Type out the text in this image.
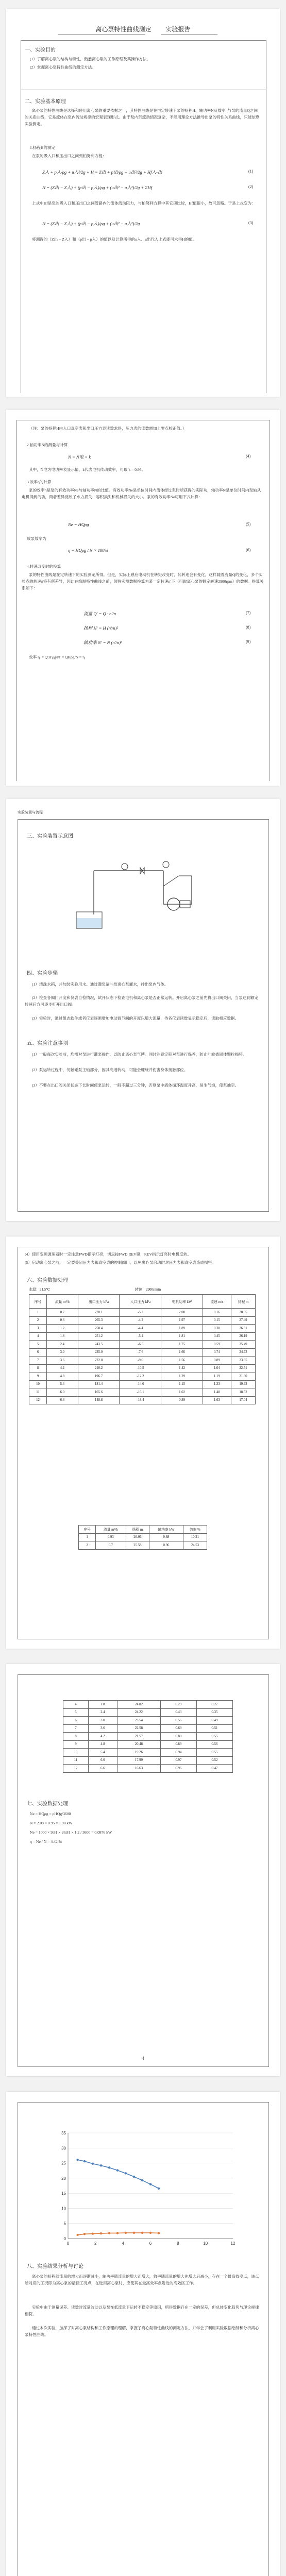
离心泵特性曲线测定 实验报告
一、实验目的
(1）了解离心泵的结构与特性，熟悉离心泵的工作原理及其操作方法。
(2）掌握离心泵特性曲线的测定方法。
二、实验基本原理
离心泵的特性曲线是选择和使用离心泵的重要依据之一，其特性曲线是在恒定转速下泵的扬程H、轴功率N及效率η与泵的流量Q之间的关系曲线，它是流体在泵内流动规律的宏观表现形式。由于泵内部流动情况复杂，不能用理论方法推导出泵的特性关系曲线，只能依靠实验测定。
1.扬程H的测定
在泵的吸入口和压出口之间列柏努利方程：
Z入 + p入/ρg + u入²/2g + H = Z出 + p出/ρg + u出²/2g + Hf入-出	(1)
H = (Z出 − Z入) + (p出 − p入)/ρg + (u出² − u入²)/2g + ΣHf	(2)
上式中Hf是泵的吸入口和压出口之间管路内的流体流动阻力，与柏努利方程中其它项比较，Hf值很小，故可忽略。于是上式变为：
H = (Z出 − Z入) + (p出 − p入)/ρg + (u出² − u入²)/2g	(3)
将测得的（Z出 − Z入）和（p出 − p入）的值以及计算所得的u入、u出代入上式即可求得H的值。
（注：泵的扬程H由入口真空表和出口压力表读数求得，压力表的读数需加上零点校正值。）
2.轴功率N的测量与计算
N = N电 × k	(4)
其中，N电为电功率表显示值，k代表电机传动效率，可取 k = 0.95。
3.效率η的计算
泵的效率η是泵的有效功率Ne与轴功率N的比值。有效功率Ne是单位时间内流体经过泵时所获得的实际功，轴功率N是单位时间内泵轴从电机得到的功，两者差异反映了水力损失、容积损失和机械损失的大小。泵的有效功率Ne可用下式计算：
Ne = HQρg	(5)
故泵效率为
η = HQρg / N × 100%	(6)
4.转速改变时的换算
泵的特性曲线是在定转速下的实验测定所得。但是，实际上感应电动机在转矩改变时，其转速会有变化，这样随着流量Q的变化，多个实验点的转速n将有所差异，因此在绘制特性曲线之前，须将实测数据换算为某一定转速n′下（可取离心泵的额定转速2900rpm）的数据。换算关系如下：
流量 Q′ = Q · n′/n	(7)
扬程 H′ = H (n′/n)²	(8)
轴功率 N′ = N (n′/n)³	(9)
效率 η′ = Q′H′ρg/N′ = QHρg/N = η
实验装置与流程
三、实验装置示意图
四、实验步骤
(1）清洗水箱，并加装实验用水。通过灌泵漏斗给离心泵灌水，排出泵内气体。
(2）检查各阀门开度和仪表自检情况，试开状态下检查电机和离心泵是否正常运转。开启离心泵之前先将出口阀关闭，当泵达到额定转速后方可逐步打开出口阀。
(3）实验时，通过组态软件或者仪表逐渐增加电动调节阀的开度以增大流量，待各仪表读数显示稳定后，读取相应数据。
五、实验注意事项
(1）一般每次实验前，均需对泵进行灌泵操作，以防止离心泵气缚。同时注意定期对泵进行保养，防止叶轮被固体颗粒损坏。
(2）泵运转过程中，勿触碰泵主轴部分，因其高速转动，可能会缠绕并伤害身体接触部位。
(3）不要在出口阀关闭状态下长时间使泵运转，一般不超过三分钟，否则泵中液体循环温度升高，易生气泡，使泵抽空。
(4）使用变频调速器时一定注意FWD指示灯亮，切忌按FWD REV键，REV指示灯亮时电机反转。
(5）启动离心泵之前，一定要关闭压力表和真空表的控制阀门，以免离心泵启动时对压力表和真空表造成损害。
六、实验数据处理
水温：21.5℃	转速：2900r/min
序号	流量 m³/h	出口压力 kPa	入口压力 kPa	电机功率 kW	流速 m/s	扬程 m
1	0.7	270.1	-5.2	2.08	0.16	28.05
2	0.6	265.3	-4.2	1.97	0.15	27.49
3	1.2	258.4	-4.4	1.89	0.30	26.81
4	1.8	251.2	-5.4	1.81	0.45	26.19
5	2.4	243.5	-6.5	1.75	0.59	25.49
6	3.0	235.0	-7.6	1.66	0.74	24.73
7	3.6	222.8	-9.0	1.56	0.89	23.65
8	4.2	210.2	-10.5	1.42	1.04	22.51
9	4.8	196.7	-12.2	1.29	1.19	21.30
10	5.4	181.4	-14.0	1.15	1.33	19.93
11	6.0	165.6	-16.1	1.02	1.48	18.52
12	6.6	148.8	-18.4	0.89	1.63	17.04
序号	流量 m³/h	扬程 m	轴功率 kW	效率 %
1	0.93	26.06	0.88	10.21
2	0.7	25.58	0.96	24.53
4	1.8	24.82	0.29	0.27
5	2.4	24.22	0.43	0.35
6	3.0	23.54	0.56	0.49
7	3.6	22.58	0.69	0.51
8	4.2	21.57	0.80	0.55
9	4.8	20.48	0.89	0.56
10	5.4	19.26	0.94	0.55
11	6.0	17.99	0.97	0.52
12	6.6	16.63	0.96	0.47
七、实验数据处理
Ne = HQρg = ρHQg/3600
N = 2.08 × 0.95 = 1.98 kW
Ne = 1000 × 9.81 × 26.81 × 1.2 / 3600 = 0.0876 kW
η = Ne / N = 4.42 %
4
0
5
10
15
20
25
30
35
0	2	4	6	8	10	12
八、实验结果分析与讨论
离心泵的扬程随流量的增大而逐渐减小，轴功率随流量的增大而增大，效率随流量的增大先增大后减小，存在一个最高效率点，该点所对应的工况即为离心泵的最佳工况点，在选用离心泵时，应使其在最高效率点附近的高效区工作。
实验中由于测量误差、读数时流量波动以及泵在低流量下运转不稳定等原因，所得数据存在一定的误差，但总体变化趋势与理论规律相符。
通过本次实验，加深了对离心泵结构和工作原理的理解，掌握了离心泵特性曲线的测定方法，并学会了利用实验数据绘制和分析离心泵特性曲线。
